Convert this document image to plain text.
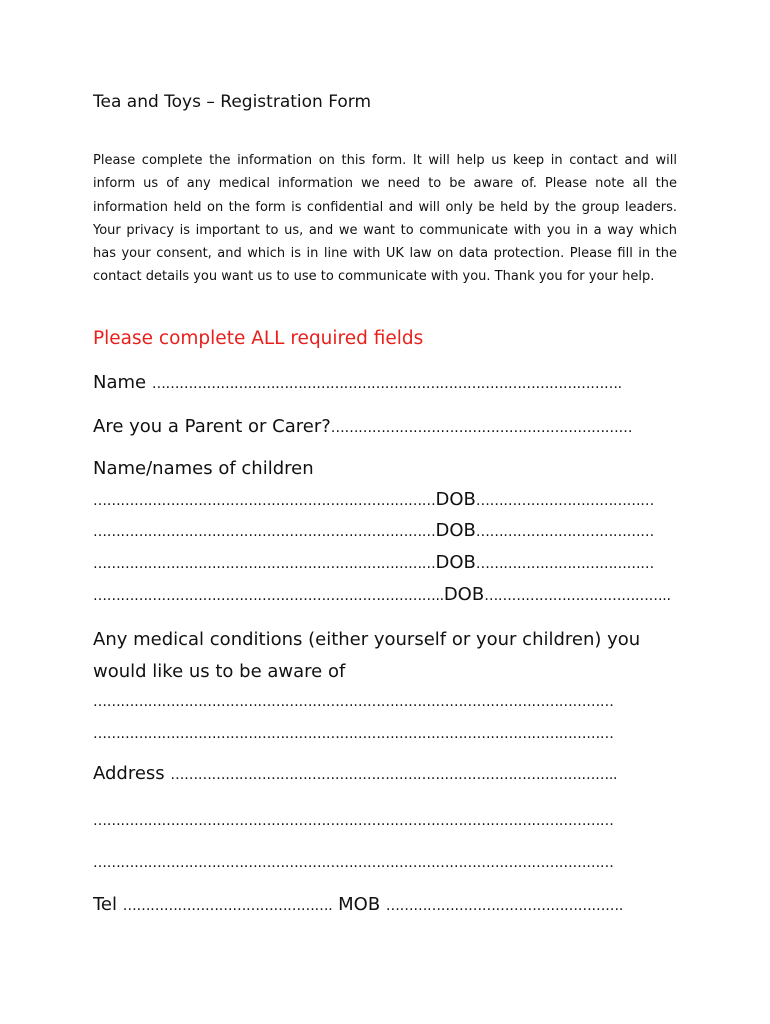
Tea and Toys – Registration Form

Please complete the information on this form. It will help us keep in contact and will inform us of any medical information we need to be aware of. Please note all the information held on the form is confidential and will only be held by the group leaders. Your privacy is important to us, and we want to communicate with you in a way which has your consent, and which is in line with UK law on data protection. Please fill in the contact details you want us to use to communicate with you. Thank you for your help.

Please complete ALL required fields
Name ………………………………………………………………………………………….
Are you a Parent or Carer?…………………………………………………………
Name/names of children
…………………………………………………………………DOB…………………………………
…………………………………………………………………DOB…………………………………
…………………………………………………………………DOB…………………………………
…………………………………………………………………..DOB…………………………………..

Any medical conditions (either yourself or your children) you would like us to be aware of

……………………………………………………………………………………………………
……………………………………………………………………………………………………
Address ……………………………………………………………………………………..
……………………………………………………………………………………………………
……………………………………………………………………………………………………
Tel ………………………………………. MOB …………………………………………….
